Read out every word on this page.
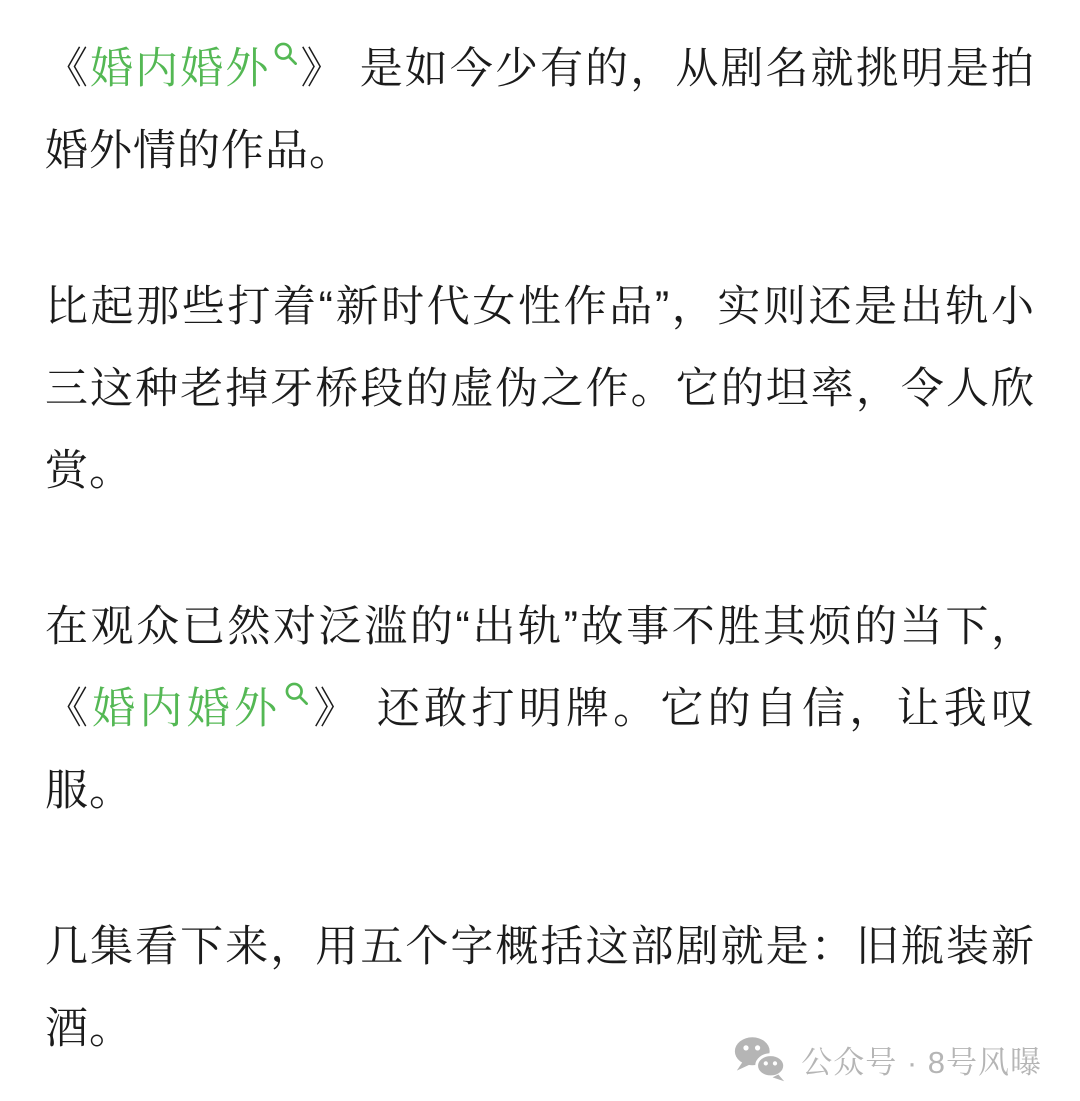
《婚内婚外 》 是如今少有的，从剧名就挑明是拍婚外情的作品。

比起那些打着“新时代女性作品”，实则还是出轨小三这种老掉牙桥段的虚伪之作。它的坦率，令人欣赏。

在观众已然对泛滥的“出轨”故事不胜其烦的当下，《婚内婚外 》 还敢打明牌。它的自信，让我叹服。

几集看下来，用五个字概括这部剧就是：旧瓶装新酒。

公众号 · 8号风曝
